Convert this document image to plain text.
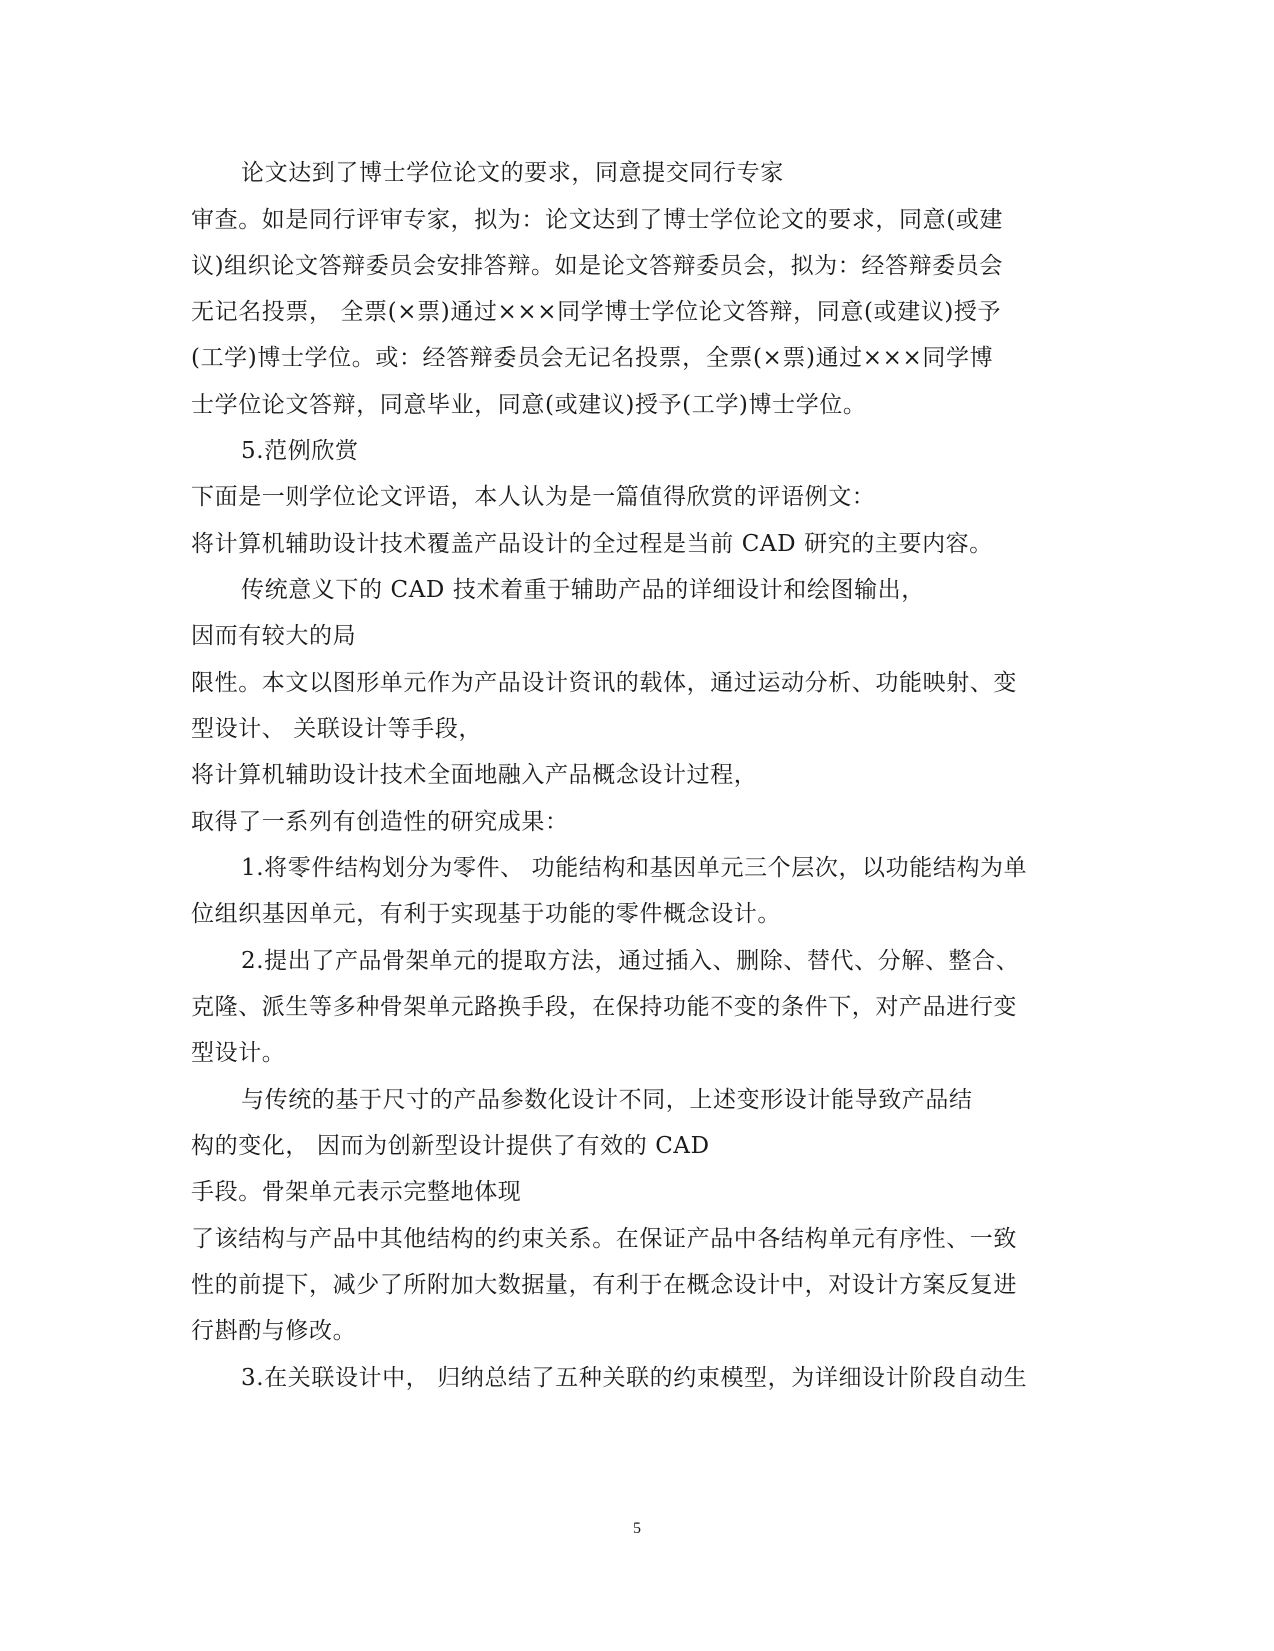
论文达到了博士学位论文的要求，同意提交同行专家
审查。如是同行评审专家，拟为：论文达到了博士学位论文的要求，同意(或建
议)组织论文答辩委员会安排答辩。如是论文答辩委员会，拟为：经答辩委员会
无记名投票， 全票(×票)通过×××同学博士学位论文答辩，同意(或建议)授予
(工学)博士学位。或：经答辩委员会无记名投票，全票(×票)通过×××同学博
士学位论文答辩，同意毕业，同意(或建议)授予(工学)博士学位。
5.范例欣赏
下面是一则学位论文评语，本人认为是一篇值得欣赏的评语例文：
将计算机辅助设计技术覆盖产品设计的全过程是当前 CAD 研究的主要内容。
传统意义下的 CAD 技术着重于辅助产品的详细设计和绘图输出，
因而有较大的局
限性。本文以图形单元作为产品设计资讯的载体，通过运动分析、功能映射、变
型设计、 关联设计等手段，
将计算机辅助设计技术全面地融入产品概念设计过程，
取得了一系列有创造性的研究成果：
1.将零件结构划分为零件、 功能结构和基因单元三个层次，以功能结构为单
位组织基因单元，有利于实现基于功能的零件概念设计。
2.提出了产品骨架单元的提取方法，通过插入、删除、替代、分解、整合、
克隆、派生等多种骨架单元路换手段，在保持功能不变的条件下，对产品进行变
型设计。
与传统的基于尺寸的产品参数化设计不同，上述变形设计能导致产品结
构的变化， 因而为创新型设计提供了有效的 CAD
手段。骨架单元表示完整地体现
了该结构与产品中其他结构的约束关系。在保证产品中各结构单元有序性、一致
性的前提下，减少了所附加大数据量，有利于在概念设计中，对设计方案反复进
行斟酌与修改。
3.在关联设计中， 归纳总结了五种关联的约束模型，为详细设计阶段自动生
5
